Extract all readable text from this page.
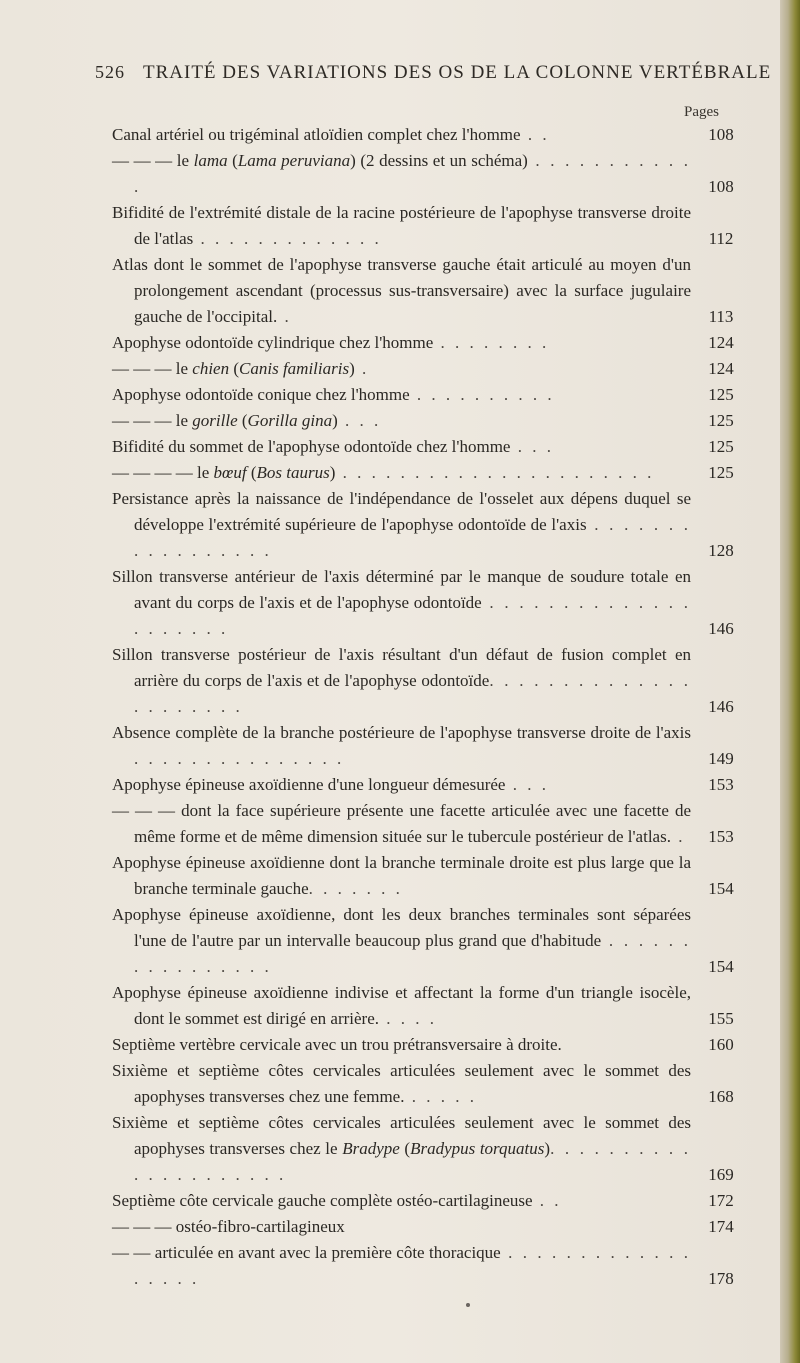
526 TRAITÉ DES VARIATIONS DES OS DE LA COLONNE VERTÉBRALE
Pages
Canal artériel ou trigéminal atloïdien complet chez l'homme . .	108
— — — le lama (Lama peruviana) (2 dessins et un schéma) . . . . . . . . . . . .	108
Bifidité de l'extrémité distale de la racine postérieure de l'apophyse transverse droite de l'atlas . . . . . . . . . . . . .	112
Atlas dont le sommet de l'apophyse transverse gauche était articulé au moyen d'un prolongement ascendant (processus sus-transversaire) avec la surface jugulaire gauche de l'occipital. .	113
Apophyse odontoïde cylindrique chez l'homme . . . . . . . .	124
— — — le chien (Canis familiaris) .	124
Apophyse odontoïde conique chez l'homme . . . . . . . . . .	125
— — — le gorille (Gorilla gina) . . .	125
Bifidité du sommet de l'apophyse odontoïde chez l'homme . . .	125
— — — — le bœuf (Bos taurus) . . . . . . . . . . . . . . . . . . . . . .	125
Persistance après la naissance de l'indépendance de l'osselet aux dépens duquel se développe l'extrémité supérieure de l'apophyse odontoïde de l'axis . . . . . . . . . . . . . . . . .	128
Sillon transverse antérieur de l'axis déterminé par le manque de soudure totale en avant du corps de l'axis et de l'apophyse odontoïde . . . . . . . . . . . . . . . . . . . . .	146
Sillon transverse postérieur de l'axis résultant d'un défaut de fusion complet en arrière du corps de l'axis et de l'apophyse odontoïde. . . . . . . . . . . . . . . . . . . . . .	146
Absence complète de la branche postérieure de l'apophyse transverse droite de l'axis . . . . . . . . . . . . . . .	149
Apophyse épineuse axoïdienne d'une longueur démesurée . . .	153
— — — dont la face supérieure présente une facette articulée avec une facette de même forme et de même dimension située sur le tubercule postérieur de l'atlas. .	153
Apophyse épineuse axoïdienne dont la branche terminale droite est plus large que la branche terminale gauche. . . . . . .	154
Apophyse épineuse axoïdienne, dont les deux branches terminales sont séparées l'une de l'autre par un intervalle beaucoup plus grand que d'habitude . . . . . . . . . . . . . . . .	154
Apophyse épineuse axoïdienne indivise et affectant la forme d'un triangle isocèle, dont le sommet est dirigé en arrière. . . . .	155
Septième vertèbre cervicale avec un trou prétransversaire à droite.	160
Sixième et septième côtes cervicales articulées seulement avec le sommet des apophyses transverses chez une femme. . . . . .	168
Sixième et septième côtes cervicales articulées seulement avec le sommet des apophyses transverses chez le Bradype (Bradypus torquatus). . . . . . . . . . . . . . . . . . . . .	169
Septième côte cervicale gauche complète ostéo-cartilagineuse . .	172
— — — ostéo-fibro-cartilagineux	174
— — articulée en avant avec la première côte thoracique . . . . . . . . . . . . . . . . . .	178
